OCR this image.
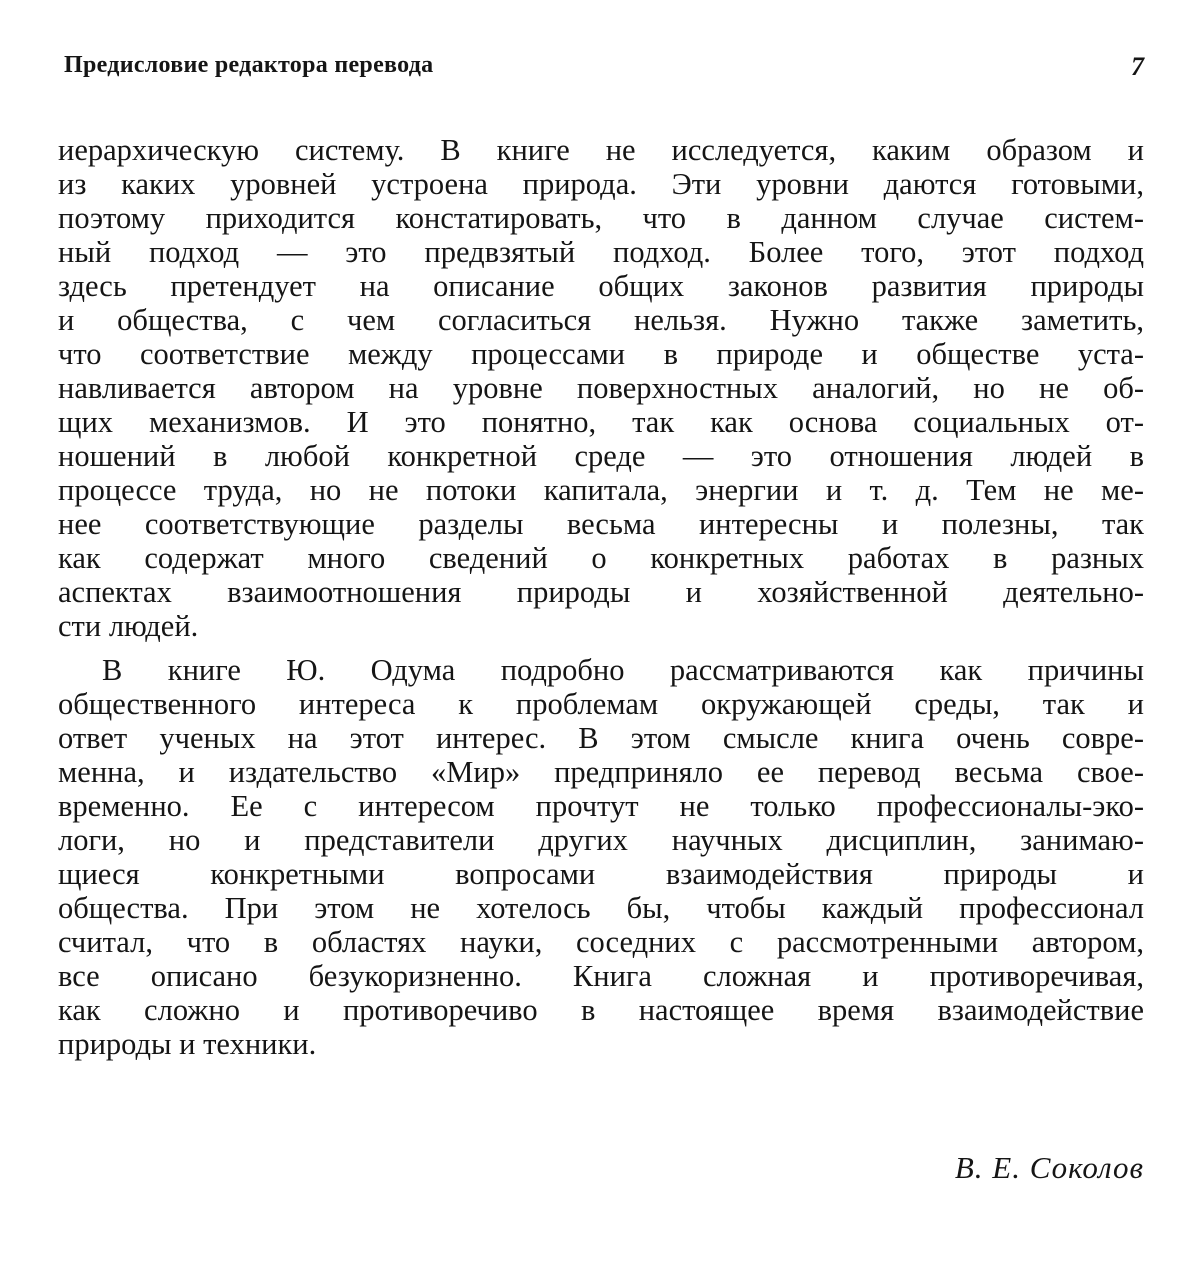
Предисловие редактора перевода	7
иерархическую систему. В книге не исследуется, каким образом и
из каких уровней устроена природа. Эти уровни даются готовыми,
поэтому приходится констатировать, что в данном случае систем-
ный подход — это предвзятый подход. Более того, этот подход
здесь претендует на описание общих законов развития природы
и общества, с чем согласиться нельзя. Нужно также заметить,
что соответствие между процессами в природе и обществе уста-
навливается автором на уровне поверхностных аналогий, но не об-
щих механизмов. И это понятно, так как основа социальных от-
ношений в любой конкретной среде — это отношения людей в
процессе труда, но не потоки капитала, энергии и т. д. Тем не ме-
нее соответствующие разделы весьма интересны и полезны, так
как содержат много сведений о конкретных работах в разных
аспектах взаимоотношения природы и хозяйственной деятельно-
сти людей.
В книге Ю. Одума подробно рассматриваются как причины
общественного интереса к проблемам окружающей среды, так и
ответ ученых на этот интерес. В этом смысле книга очень совре-
менна, и издательство «Мир» предприняло ее перевод весьма свое-
временно. Ее с интересом прочтут не только профессионалы-эко-
логи, но и представители других научных дисциплин, занимаю-
щиеся конкретными вопросами взаимодействия природы и
общества. При этом не хотелось бы, чтобы каждый профессионал
считал, что в областях науки, соседних с рассмотренными автором,
все описано безукоризненно. Книга сложная и противоречивая,
как сложно и противоречиво в настоящее время взаимодействие
природы и техники.
В. Е. Соколов
